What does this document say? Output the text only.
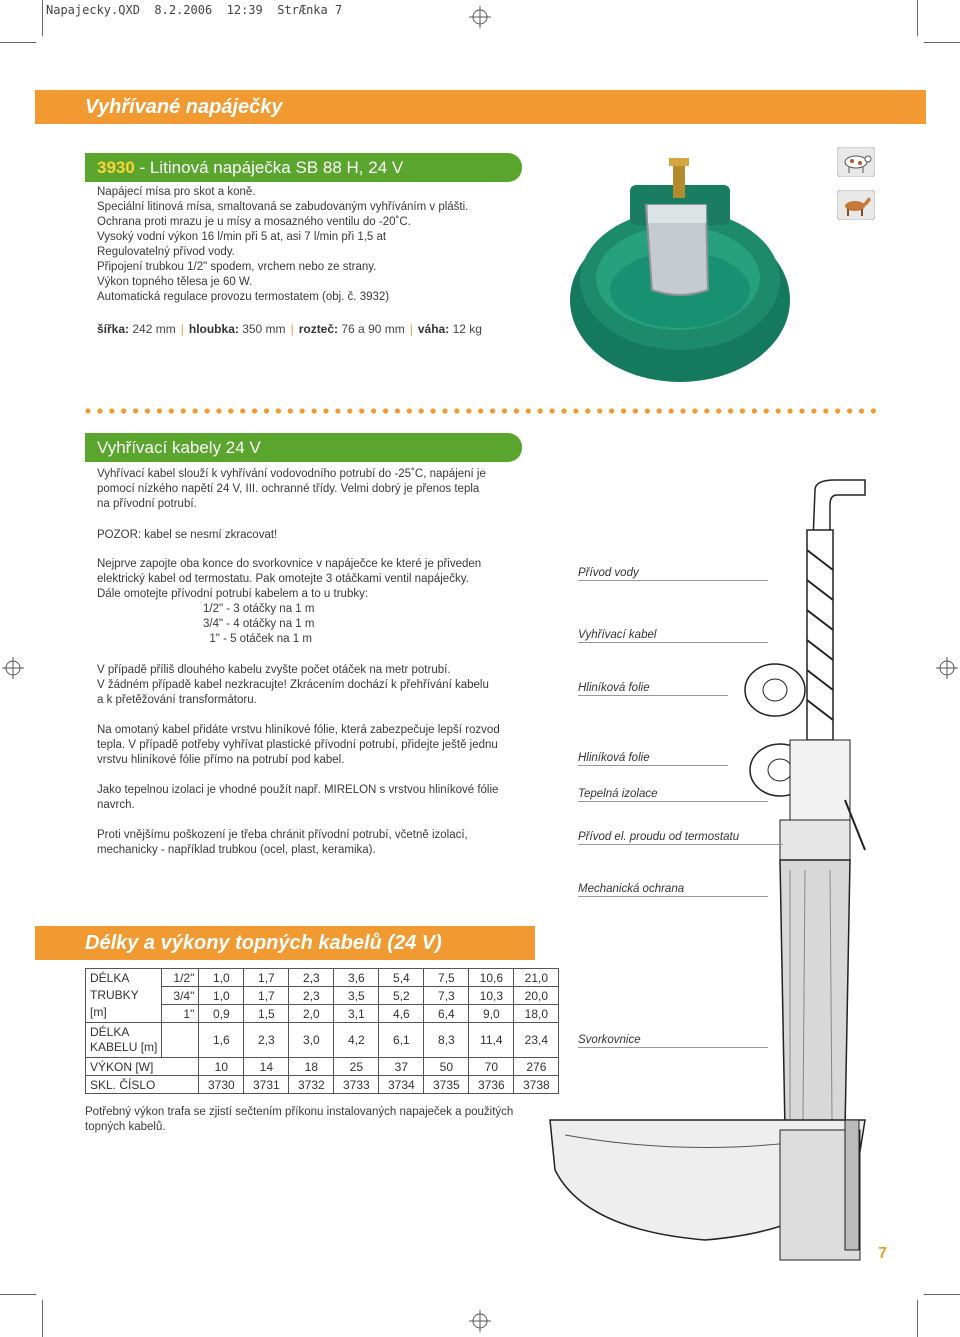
Napajecky.QXD  8.2.2006  12:39  StrÆnka 7
Vyhřívané napáječky
3930 - Litinová napáječka SB 88 H, 24 V
Napájecí mísa pro skot a koně.
Speciální litinová mísa, smaltovaná se zabudovaným vyhříváním v plášti.
Ochrana proti mrazu je u mísy a mosazného ventilu do -20˚C.
Vysoký vodní výkon 16 l/min při 5 at, asi 7 l/min při 1,5 at
Regulovatelný přívod vody.
Připojení trubkou 1/2" spodem, vrchem nebo ze strany.
Výkon topného tělesa je 60 W.
Automatická regulace provozu termostatem (obj. č. 3932)
šířka: 242 mm | hloubka: 350 mm | rozteč: 76 a 90 mm | váha: 12 kg
Vyhřívací kabely 24 V
Vyhřívací kabel slouží k vyhřívání vodovodního potrubí do -25˚C, napájení je
pomocí nízkého napětí 24 V, III. ochranné třídy. Velmi dobrý je přenos tepla
na přívodní potrubí.
POZOR: kabel se nesmí zkracovat!
Nejprve zapojte oba konce do svorkovnice v napáječce ke které je přiveden
elektrický kabel od termostatu. Pak omotejte 3 otáčkami ventil napáječky.
Dále omotejte přívodní potrubí kabelem a to u trubky:
1/2" - 3 otáčky na 1 m
3/4" - 4 otáčky na 1 m
1" - 5 otáček na 1 m
V případě příliš dlouhého kabelu zvyšte počet otáček na metr potrubí.
V žádném případě kabel nezkracujte! Zkrácením dochází k přehřívání kabelu
a k přetěžování transformátoru.
Na omotaný kabel přidáte vrstvu hliníkové fólie, která zabezpečuje lepší rozvod
tepla. V případě potřeby vyhřívat plastické přívodní potrubí, přidejte ještě jednu
vrstvu hliníkové fólie přímo na potrubí pod kabel.
Jako tepelnou izolaci je vhodné použít např. MIRELON s vrstvou hliníkové fólie
navrch.
Proti vnějšímu poškození je třeba chránit přívodní potrubí, včetně izolací,
mechanicky - například trubkou (ocel, plast, keramika).
Přívod vody
Vyhřívací kabel
Hliníková folie
Hliníková folie
Tepelná izolace
Přívod el. proudu od termostatu
Mechanická ochrana
Svorkovnice
Délky a výkony topných kabelů (24 V)
DÉLKA
TRUBKY
[m]	1/2"	1,0	1,7	2,3	3,6	5,4	7,5	10,6	21,0
	3/4"	1,0	1,7	2,3	3,5	5,2	7,3	10,3	20,0
	1"	0,9	1,5	2,0	3,1	4,6	6,4	9,0	18,0

DÉLKA
KABELU [m]		1,6	2,3	3,0	4,2	6,1	8,3	11,4	23,4
VÝKON [W]		10	14	18	25	37	50	70	276
SKL. ČÍSLO		3730	3731	3732	3733	3734	3735	3736	3738
Potřebný výkon trafa se zjistí sečtením příkonu instalovaných napaječek a použitých
topných kabelů.
7
